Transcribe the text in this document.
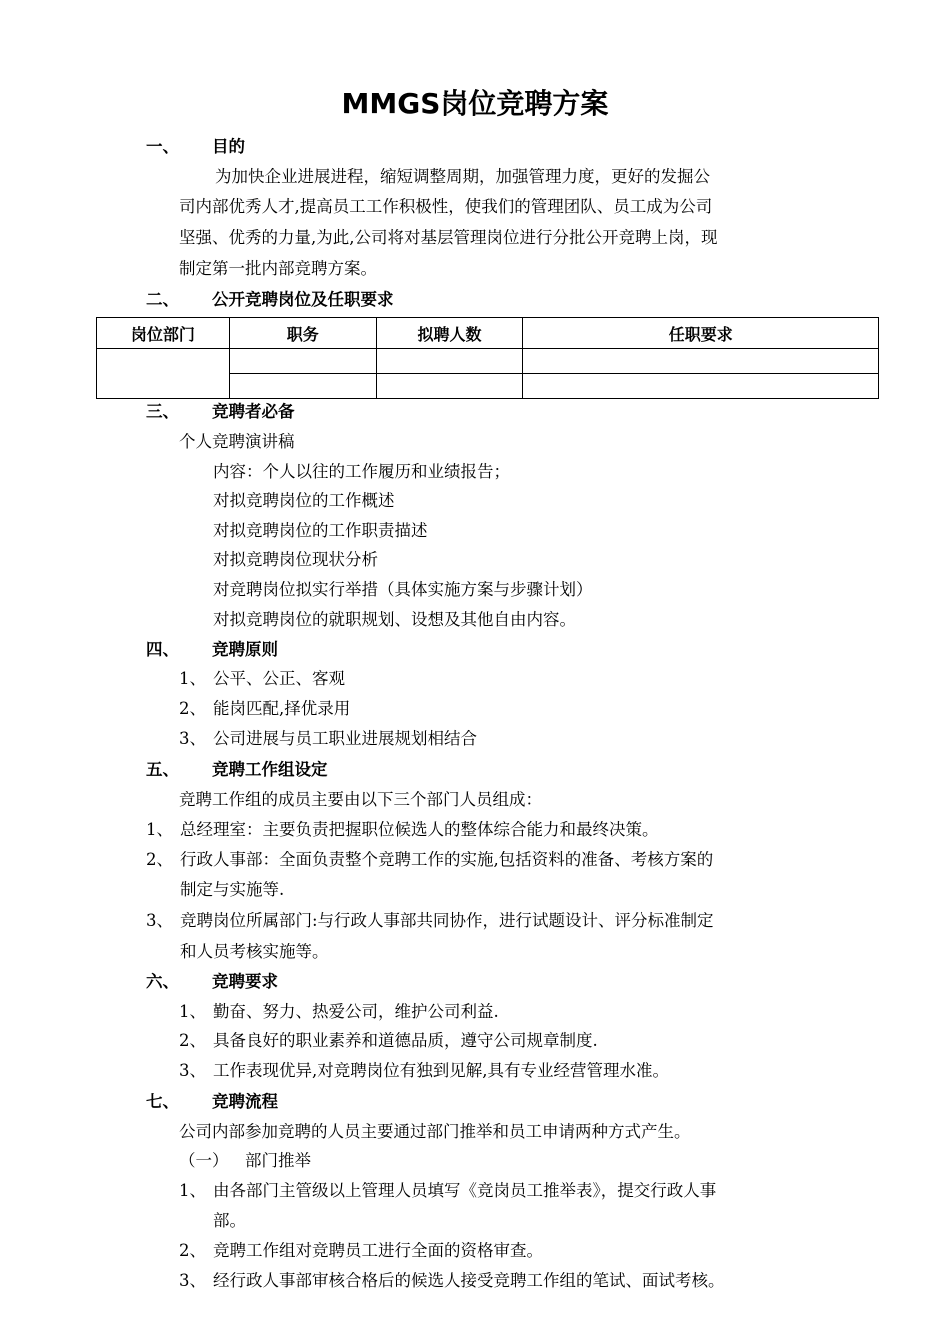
MMGS岗位竞聘方案
一、 目的
为加快企业进展进程，缩短调整周期，加强管理力度，更好的发掘公
司内部优秀人才,提高员工工作积极性，使我们的管理团队、员工成为公司
坚强、优秀的力量,为此,公司将对基层管理岗位进行分批公开竞聘上岗，现
制定第一批内部竞聘方案。
二、 公开竞聘岗位及任职要求
岗位部门	职务	拟聘人数	任职要求

三、 竞聘者必备
个人竞聘演讲稿
内容：个人以往的工作履历和业绩报告；
对拟竞聘岗位的工作概述
对拟竞聘岗位的工作职责描述
对拟竞聘岗位现状分析
对竞聘岗位拟实行举措（具体实施方案与步骤计划）
对拟竞聘岗位的就职规划、设想及其他自由内容。
四、 竞聘原则
1、 公平、公正、客观
2、 能岗匹配,择优录用
3、 公司进展与员工职业进展规划相结合
五、 竞聘工作组设定
竞聘工作组的成员主要由以下三个部门人员组成：
1、 总经理室：主要负责把握职位候选人的整体综合能力和最终决策。
2、 行政人事部：全面负责整个竞聘工作的实施,包括资料的准备、考核方案的
制定与实施等.
3、 竞聘岗位所属部门:与行政人事部共同协作，进行试题设计、评分标准制定
和人员考核实施等。
六、 竞聘要求
1、 勤奋、努力、热爱公司，维护公司利益.
2、 具备良好的职业素养和道德品质，遵守公司规章制度.
3、 工作表现优异,对竞聘岗位有独到见解,具有专业经营管理水准。
七、 竞聘流程
公司内部参加竞聘的人员主要通过部门推举和员工申请两种方式产生。
（一） 部门推举
1、 由各部门主管级以上管理人员填写《竞岗员工推举表》，提交行政人事
部。
2、 竞聘工作组对竞聘员工进行全面的资格审查。
3、 经行政人事部审核合格后的候选人接受竞聘工作组的笔试、面试考核。
